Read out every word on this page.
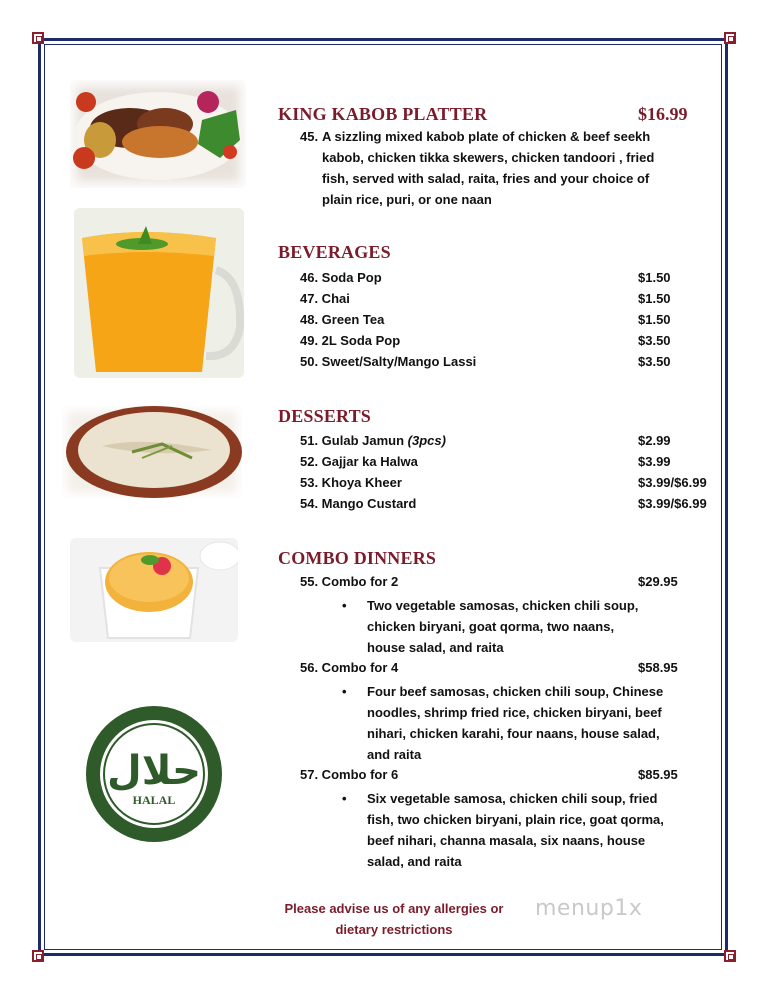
حلال
HALAL
KING KABOB PLATTER	$16.99
45. A sizzling mixed kabob plate of chicken & beef seekh
kabob, chicken tikka skewers, chicken tandoori , fried
fish, served with salad, raita, fries and your choice of
plain rice, puri, or one naan
BEVERAGES
46. Soda Pop	$1.50
47. Chai	$1.50
48. Green Tea	$1.50
49. 2L Soda Pop	$3.50
50. Sweet/Salty/Mango Lassi	$3.50
DESSERTS
51. Gulab Jamun (3pcs)	$2.99
52. Gajjar ka Halwa	$3.99
53. Khoya Kheer	$3.99/$6.99
54. Mango Custard	$3.99/$6.99
COMBO DINNERS
55. Combo for 2	$29.95
• Two vegetable samosas, chicken chili soup,
chicken biryani, goat qorma, two naans,
house salad, and raita
56. Combo for 4	$58.95
• Four beef samosas, chicken chili soup, Chinese
noodles, shrimp fried rice, chicken biryani, beef
nihari, chicken karahi, four naans, house salad,
and raita
57. Combo for 6	$85.95
• Six vegetable samosa, chicken chili soup, fried
fish, two chicken biryani, plain rice, goat qorma,
beef nihari, channa masala, six naans, house
salad, and raita
Please advise us of any allergies or
dietary restrictions
menup1x
